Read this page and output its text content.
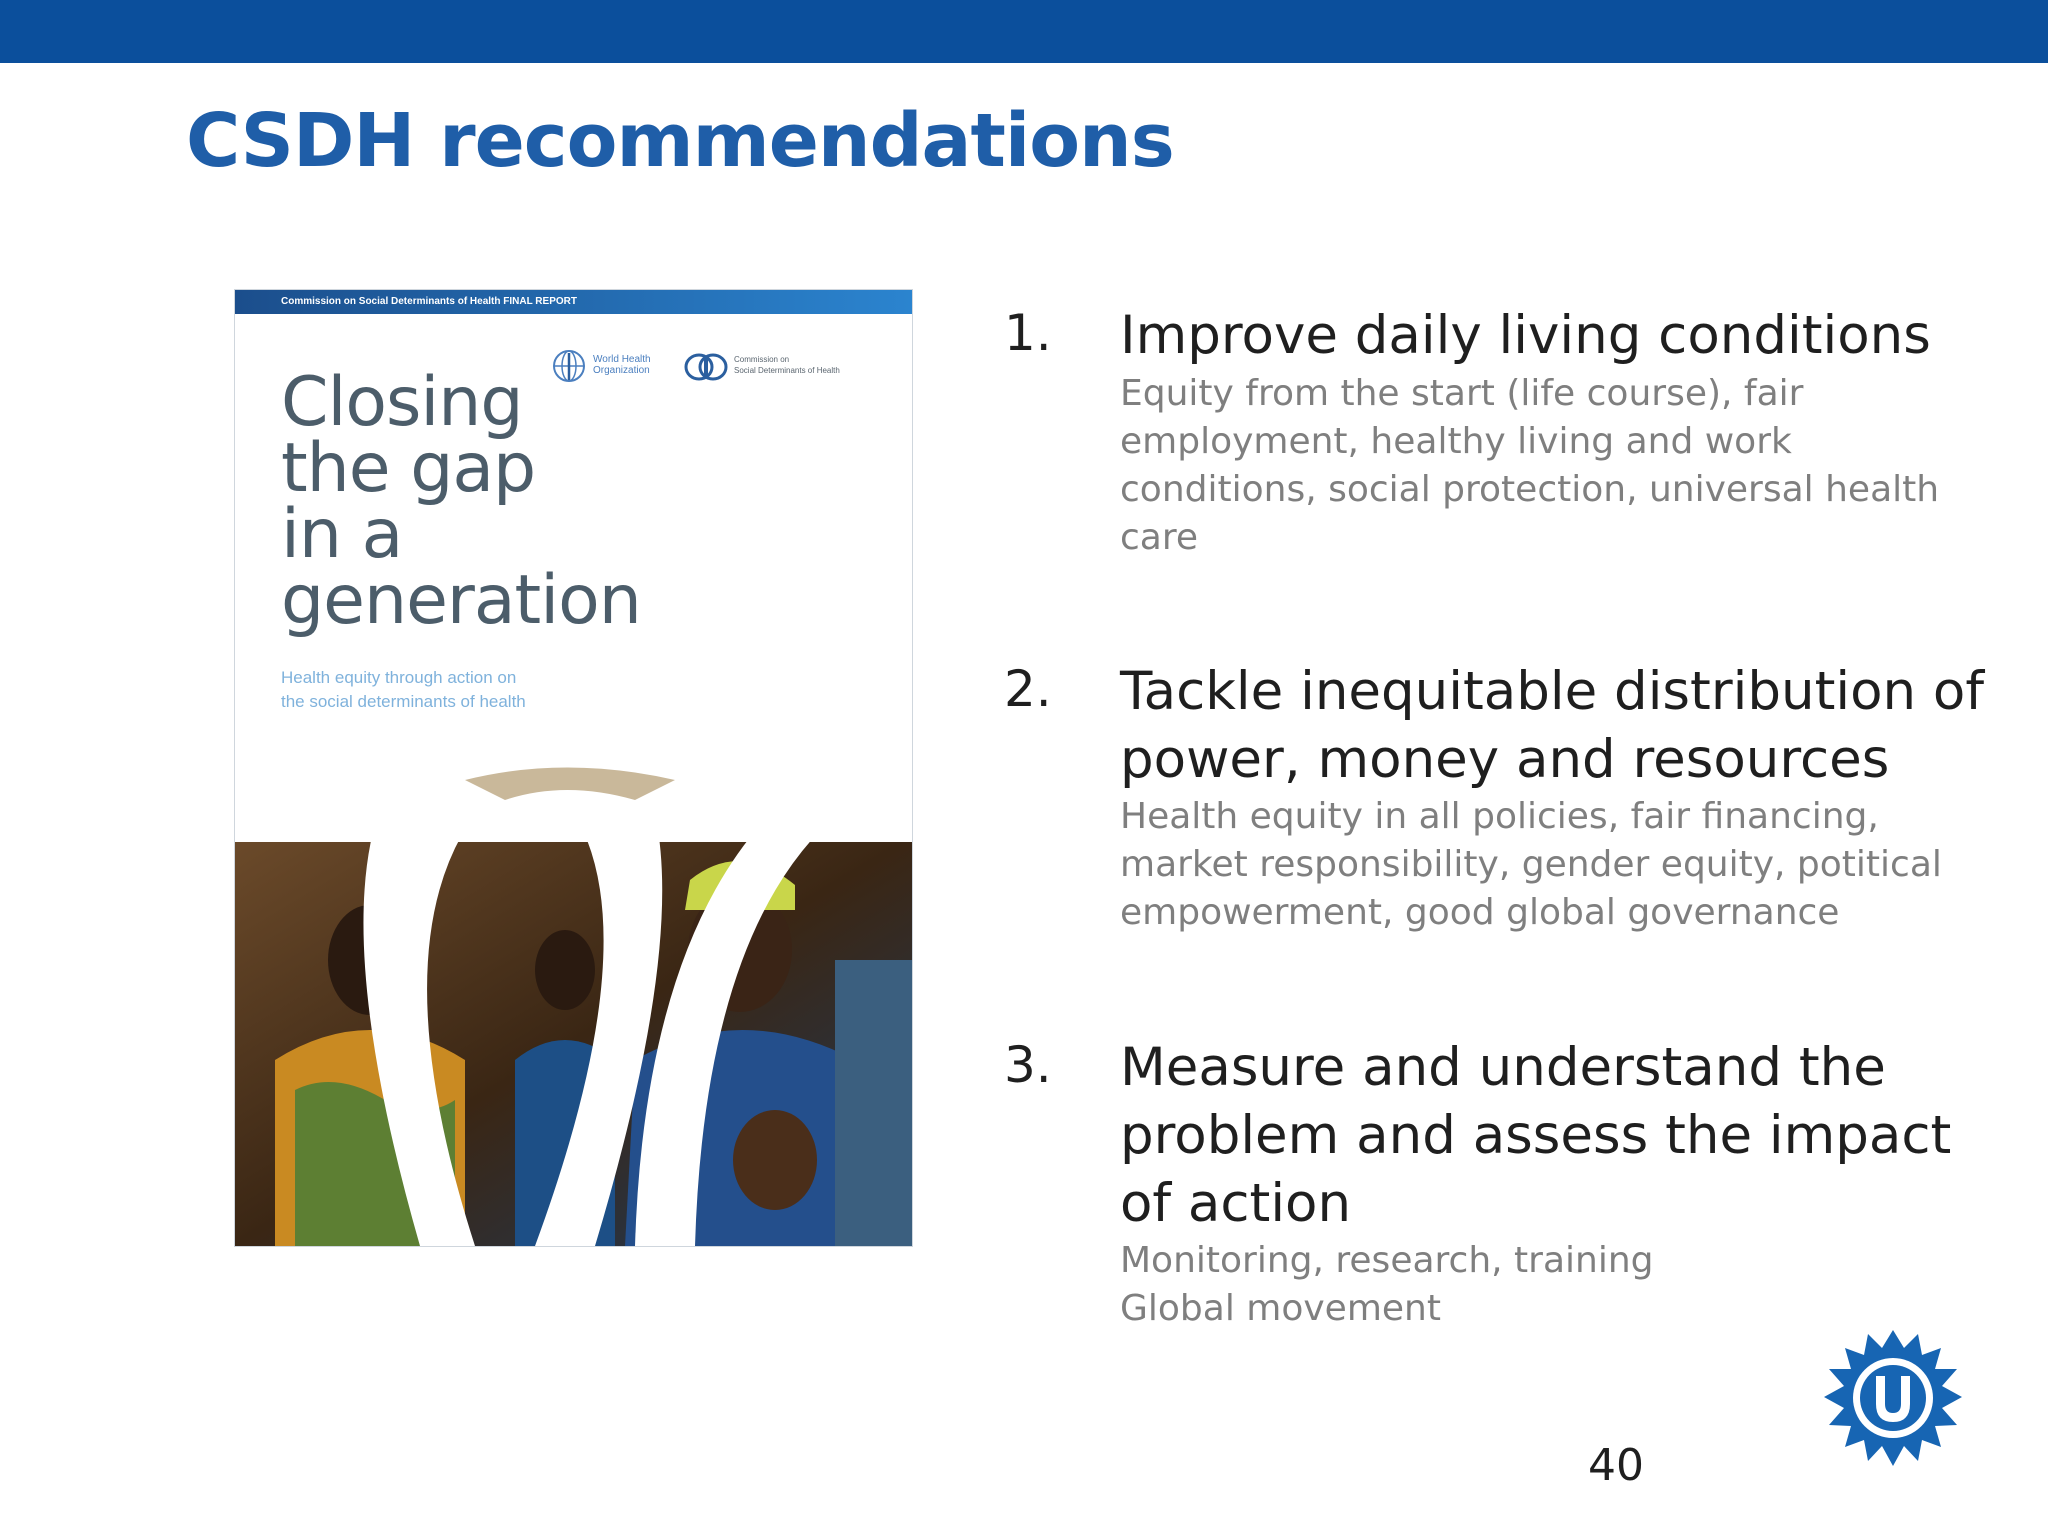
CSDH recommendations
Commission on Social Determinants of Health FINAL REPORT
World Health
Organization
Commission on
Social Determinants of Health
Closing
the gap
in a
generation
Health equity through action on
the social determinants of health
1. Improve daily living conditions
Equity from the start (life course), fair
employment, healthy living and work
conditions, social protection, universal health
care
2. Tackle inequitable distribution of
power, money and resources
Health equity in all policies, fair financing,
market responsibility, gender equity, potitical
empowerment, good global governance
3. Measure and understand the
problem and assess the impact
of action
Monitoring, research, training
Global movement
40
